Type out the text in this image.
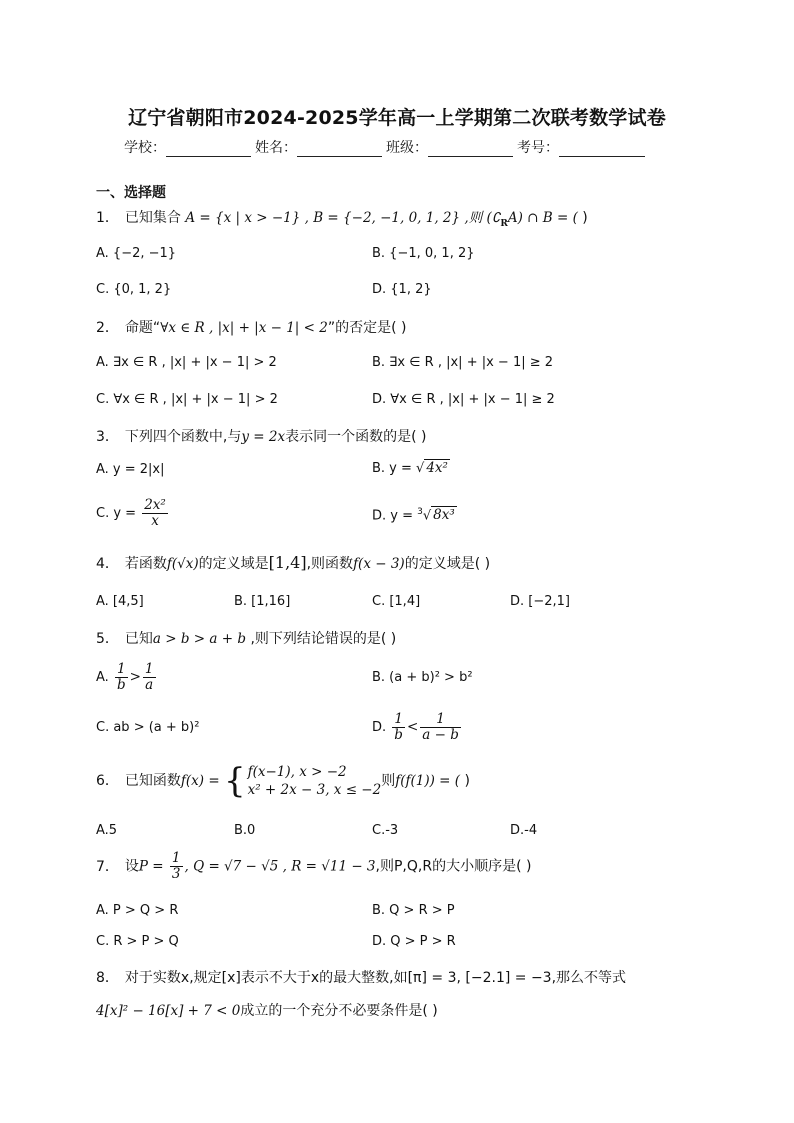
辽宁省朝阳市2024-2025学年高一上学期第二次联考数学试卷
学校：	姓名：	班级：	考号：
一、选择题
1． 已知集合 A = {x | x > −1} , B = {−2, −1, 0, 1, 2} ,则 $(∁_RA)$ ∩ B = ( )
A. {−2, −1}	B. {−1, 0, 1, 2}
C. {0, 1, 2}	D. {1, 2}
2． 命题“∀x ∈ R , |x| + |x − 1| < 2”的否定是( )
A. ∃x ∈ R , |x| + |x − 1| > 2	B. ∃x ∈ R , |x| + |x − 1| ≥ 2
C. ∀x ∈ R , |x| + |x − 1| > 2	D. ∀x ∈ R , |x| + |x − 1| ≥ 2
3． 下列四个函数中,与y = 2x表示同一个函数的是( )
A. y = 2|x|	B. y = √ 4x²
C. $y = \frac{\text{2x²}}{x}$	D. y = $^3$√ 8x³
4． 若函数f(√x)的定义域是[1,4],则函数f(x − 3)的定义域是( )
A. [4,5]	B. [1,16]	C. [1,4]	D. [−2,1]
5． 已知a > b > a + b ,则下列结论错误的是( )
A. $\frac{1}{b} > \frac{1}{a}$	B. (a + b)² > b²
C. ab > (a + b)²	D. $\frac{1}{b} < \frac{1}{a - b}$
6． 已知函数f(x) = { f(x−1), x > −2
x² + 2x − 3, x ≤ −2
则f(f(1)) = ( )
A.5	B.0	C.-3	D.-4
7． 设$P = \frac{1}{3}$ , Q = √7 − √5 , R = √11 − 3,则P,Q,R的大小顺序是( )
A. P > Q > R	B. Q > R > P
C. R > P > Q	D. Q > P > R
8． 对于实数x,规定[x]表示不大于x的最大整数,如[π] = 3, [−2.1] = −3,那么不等式
4[x]² − 16[x] + 7 < 0成立的一个充分不必要条件是( )
